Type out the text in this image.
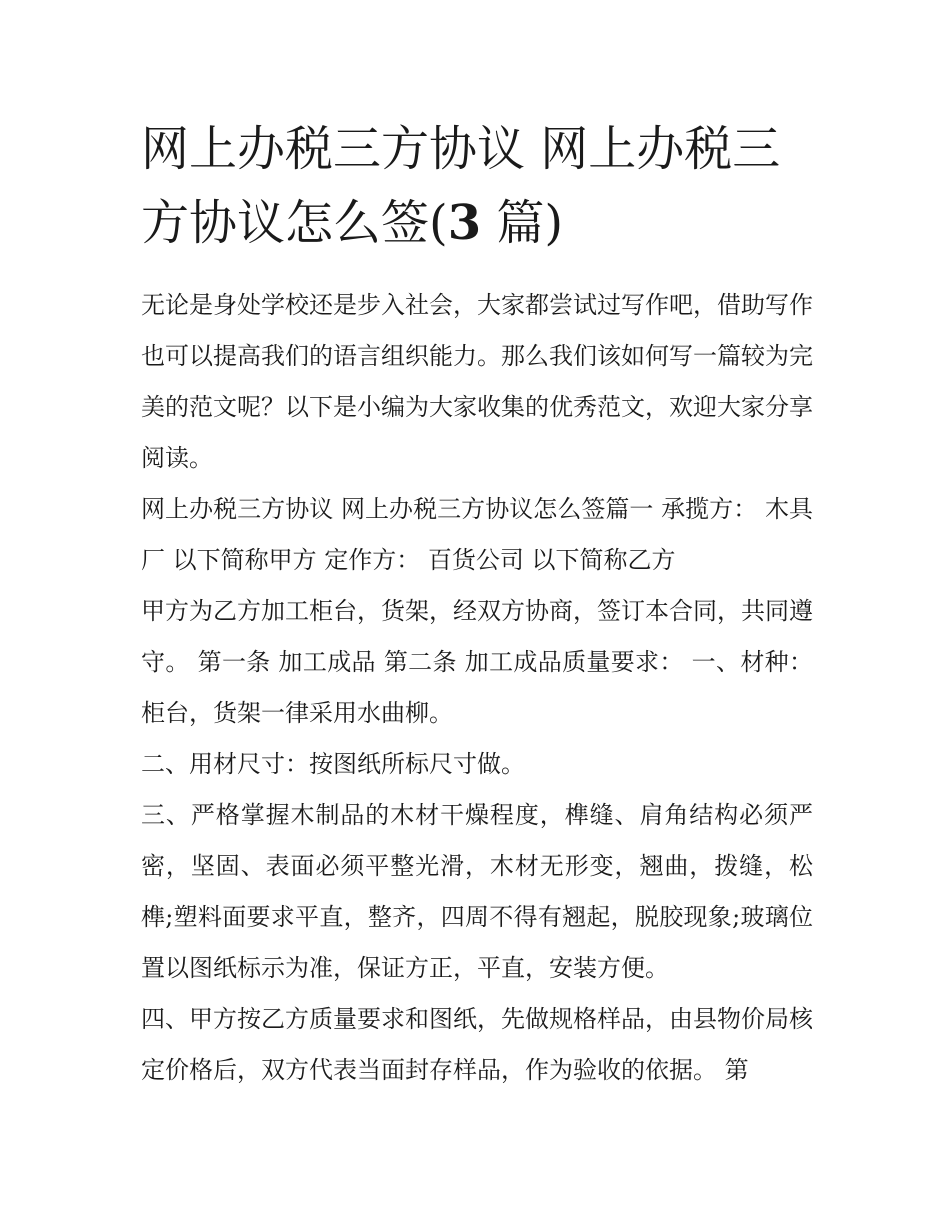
网上办税三方协议 网上办税三方协议怎么签(3 篇)

无论是身处学校还是步入社会，大家都尝试过写作吧，借助写作也可以提高我们的语言组织能力。那么我们该如何写一篇较为完美的范文呢？以下是小编为大家收集的优秀范文，欢迎大家分享阅读。

网上办税三方协议 网上办税三方协议怎么签篇一 承揽方： 木具厂 以下简称甲方 定作方： 百货公司 以下简称乙方

甲方为乙方加工柜台，货架，经双方协商，签订本合同，共同遵守。 第一条 加工成品 第二条 加工成品质量要求： 一、材种：柜台，货架一律采用水曲柳。

二、用材尺寸：按图纸所标尺寸做。

三、严格掌握木制品的木材干燥程度，榫缝、肩角结构必须严密，坚固、表面必须平整光滑，木材无形变，翘曲，拨缝，松榫;塑料面要求平直，整齐，四周不得有翘起，脱胶现象;玻璃位置以图纸标示为准，保证方正，平直，安装方便。

四、甲方按乙方质量要求和图纸，先做规格样品，由县物价局核定价格后，双方代表当面封存样品，作为验收的依据。 第
